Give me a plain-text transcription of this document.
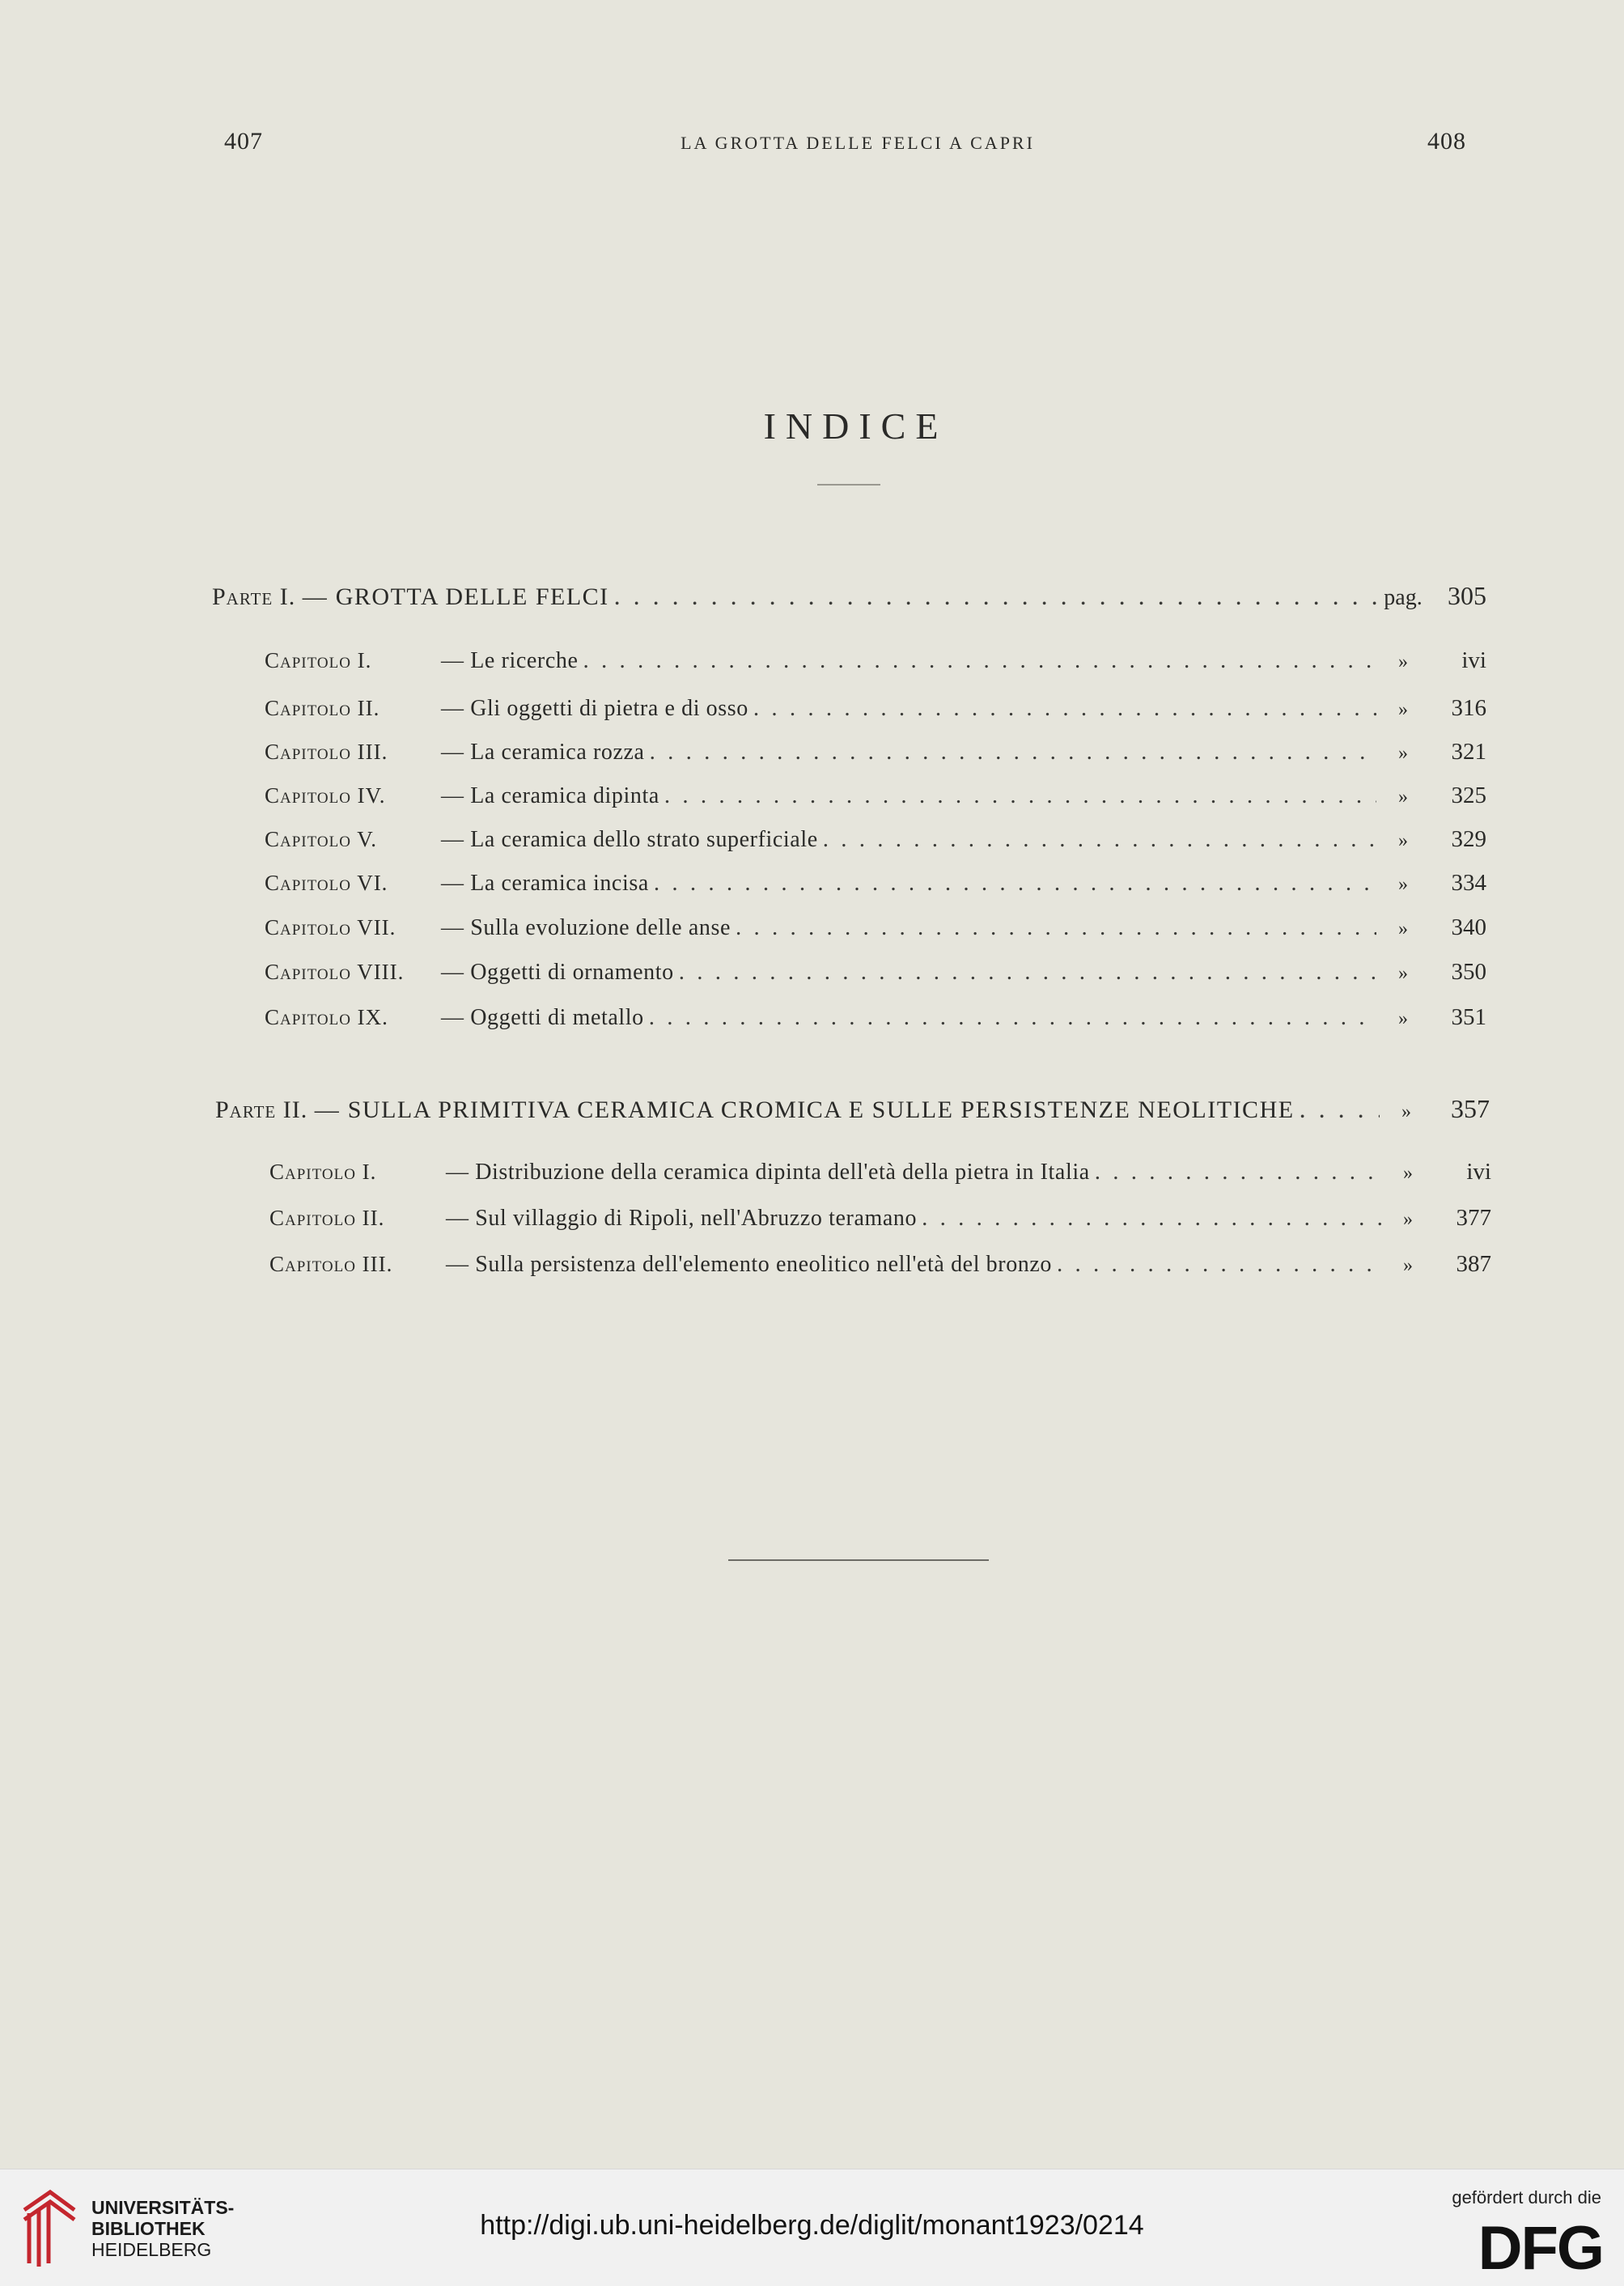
407	LA GROTTA DELLE FELCI A CAPRI	408
INDICE
Parte I. — GROTTA DELLE FELCI . . .	pag. 305
Capitolo I.	— Le ricerche . . .	»	ivi
Capitolo II.	— Gli oggetti di pietra e di osso . . .	»	316
Capitolo III.	— La ceramica rozza . . .	»	321
Capitolo IV.	— La ceramica dipinta . . .	»	325
Capitolo V.	— La ceramica dello strato superficiale . . .	»	329
Capitolo VI.	— La ceramica incisa . . .	»	334
Capitolo VII.	— Sulla evoluzione delle anse . . .	»	340
Capitolo VIII.	— Oggetti di ornamento . . .	»	350
Capitolo IX.	— Oggetti di metallo . . .	»	351
Parte II. — SULLA PRIMITIVA CERAMICA CROMICA E SULLE PERSISTENZE NEOLITICHE . . .	»	357
Capitolo I.	— Distribuzione della ceramica dipinta dell'età della pietra in Italia . . .	»	ivi
Capitolo II.	— Sul villaggio di Ripoli, nell'Abruzzo teramano . . .	»	377
Capitolo III.	— Sulla persistenza dell'elemento eneolitico nell'età del bronzo . . .	»	387
UNIVERSITÄTS-
BIBLIOTHEK
HEIDELBERG
http://digi.ub.uni-heidelberg.de/diglit/monant1923/0214
gefördert durch die
DFG
